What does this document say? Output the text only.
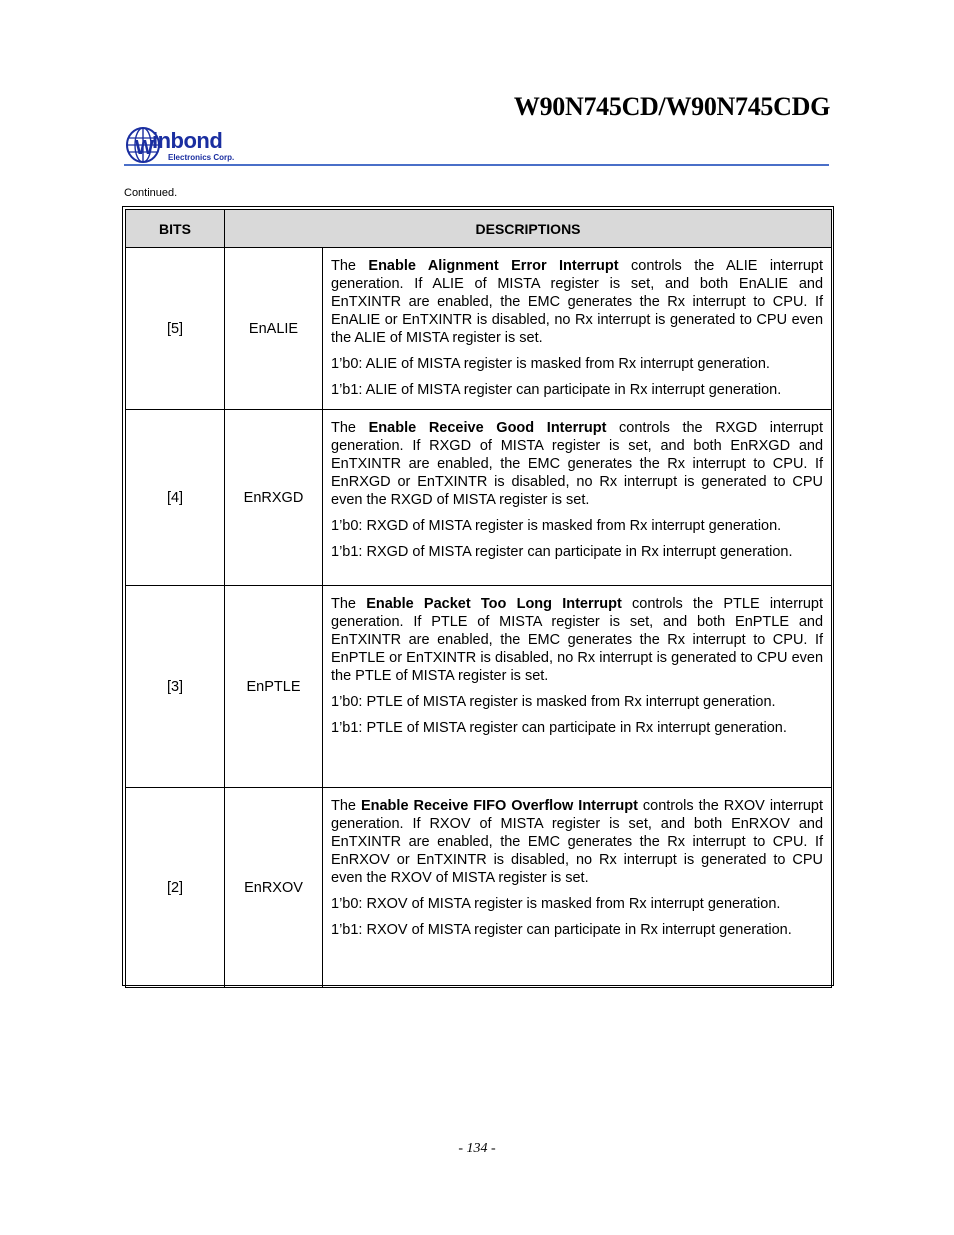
W90N745CD/W90N745CDG
W
inbond
Electronics Corp.
Continued.
BITS	DESCRIPTIONS	
[5]	EnALIE	The Enable Alignment Error Interrupt controls the ALIE interrupt generation. If ALIE of MISTA register is set, and both EnALIE and EnTXINTR are enabled, the EMC generates the Rx interrupt to CPU. If EnALIE or EnTXINTR is disabled, no Rx interrupt is generated to CPU even the ALIE of MISTA register is set.

1’b0: ALIE of MISTA register is masked from Rx interrupt generation.

1’b1: ALIE of MISTA register can participate in Rx interrupt generation.

[4]	EnRXGD	The Enable Receive Good Interrupt controls the RXGD interrupt generation. If RXGD of MISTA register is set, and both EnRXGD and EnTXINTR are enabled, the EMC generates the Rx interrupt to CPU. If EnRXGD or EnTXINTR is disabled, no Rx interrupt is generated to CPU even the RXGD of MISTA register is set.

1’b0: RXGD of MISTA register is masked from Rx interrupt generation.

1’b1: RXGD of MISTA register can participate in Rx interrupt generation.

[3]	EnPTLE	The Enable Packet Too Long Interrupt controls the PTLE interrupt generation. If PTLE of MISTA register is set, and both EnPTLE and EnTXINTR are enabled, the EMC generates the Rx interrupt to CPU. If EnPTLE or EnTXINTR is disabled, no Rx interrupt is generated to CPU even the PTLE of MISTA register is set.

1’b0: PTLE of MISTA register is masked from Rx interrupt generation.

1’b1: PTLE of MISTA register can participate in Rx interrupt generation.

[2]	EnRXOV	The Enable Receive FIFO Overflow Interrupt controls the RXOV interrupt generation. If RXOV of MISTA register is set, and both EnRXOV and EnTXINTR are enabled, the EMC generates the Rx interrupt to CPU. If EnRXOV or EnTXINTR is disabled, no Rx interrupt is generated to CPU even the RXOV of MISTA register is set.

1’b0: RXOV of MISTA register is masked from Rx interrupt generation.

1’b1: RXOV of MISTA register can participate in Rx interrupt generation.

- 134 -
